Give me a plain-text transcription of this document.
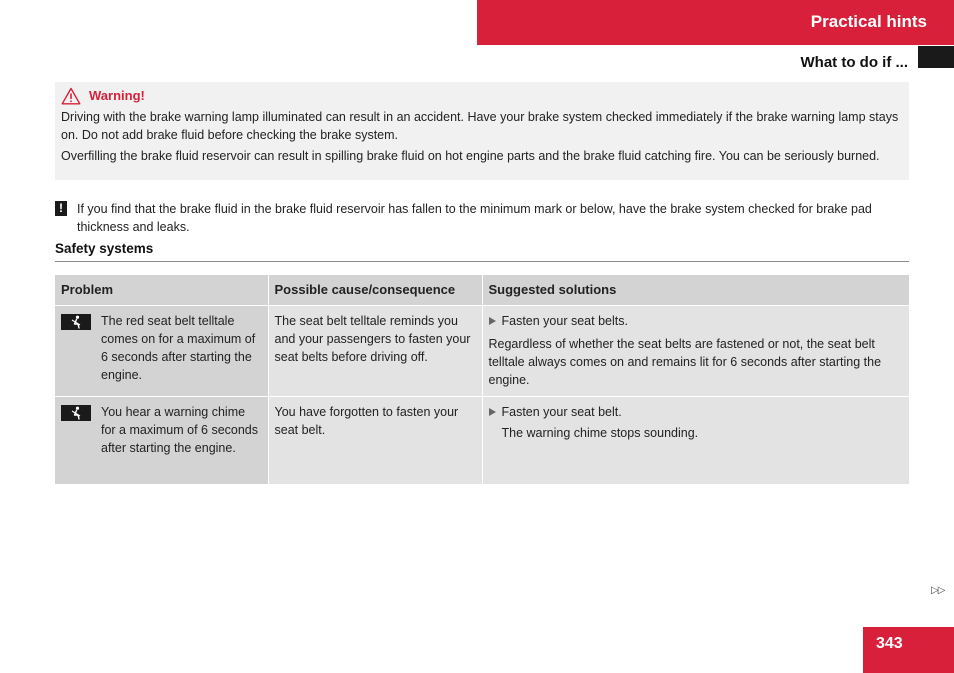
Practical hints
What to do if ...
Warning!

Driving with the brake warning lamp illuminated can result in an accident. Have your brake system checked immediately if the brake warning lamp stays on. Do not add brake fluid before checking the brake system.

Overfilling the brake fluid reservoir can result in spilling brake fluid on hot engine parts and the brake fluid catching fire. You can be seriously burned.

!	If you find that the brake fluid in the brake fluid reservoir has fallen to the minimum mark or below, have the brake system checked for brake pad thickness and leaks.
Safety systems
Problem	Possible cause/consequence	Suggested solutions

The red seat belt telltale comes on for a maximum of 6 seconds after starting the engine.	The seat belt telltale reminds you and your passengers to fasten your seat belts before driving off.	Fasten your seat belts.
Regardless of whether the seat belts are fastened or not, the seat belt telltale always comes on and remains lit for 6 seconds after starting the engine.

You hear a warning chime for a maximum of 6 seconds after starting the engine.	You have forgotten to fasten your seat belt.	Fasten your seat belt.
The warning chime stops sounding.
▷▷
343
